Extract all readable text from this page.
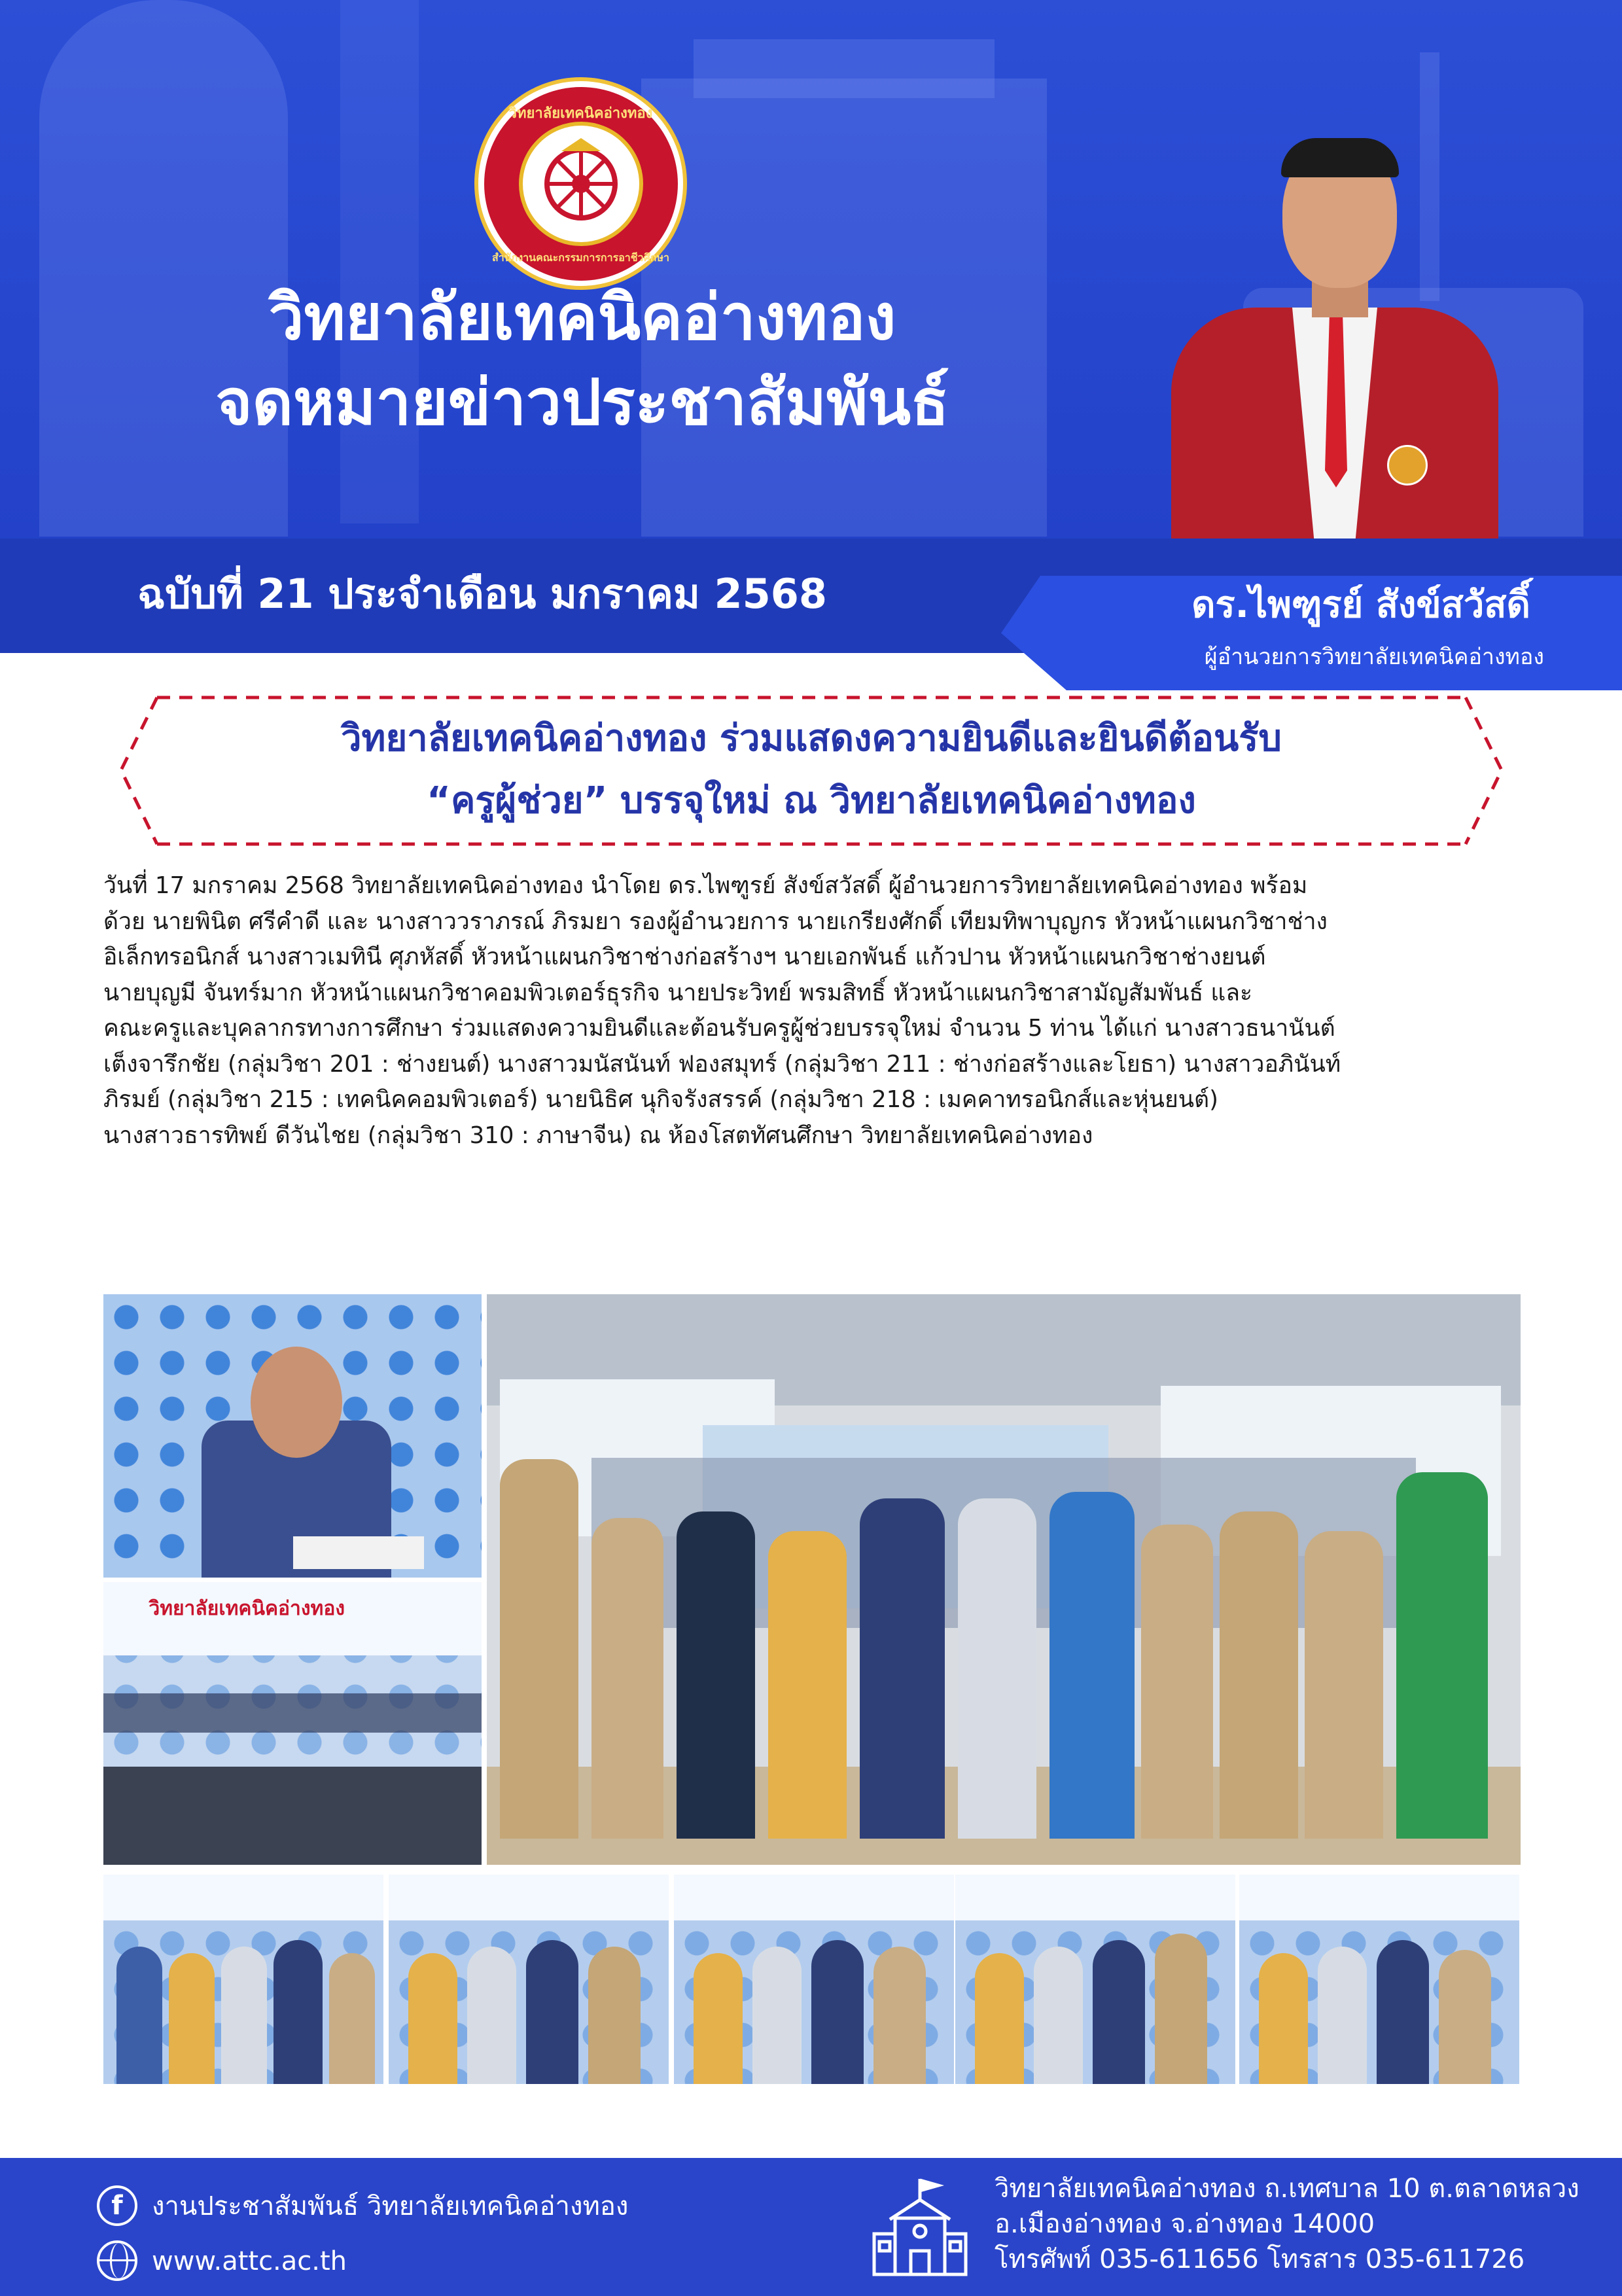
วิทยาลัยเทคนิคอ่างทอง
สำนักงานคณะกรรมการการอาชีวศึกษา
วิทยาลัยเทคนิคอ่างทอง
จดหมายข่าวประชาสัมพันธ์
ฉบับที่ 21 ประจำเดือน มกราคม 2568	ดร.ไพฑูรย์ สังข์สวัสดิ์
ผู้อำนวยการวิทยาลัยเทคนิคอ่างทอง
วิทยาลัยเทคนิคอ่างทอง ร่วมแสดงความยินดีและยินดีต้อนรับ
“ครูผู้ช่วย” บรรจุใหม่ ณ วิทยาลัยเทคนิคอ่างทอง
วันที่ 17 มกราคม 2568 วิทยาลัยเทคนิคอ่างทอง นำโดย ดร.ไพฑูรย์ สังข์สวัสดิ์ ผู้อำนวยการวิทยาลัยเทคนิคอ่างทอง พร้อม
ด้วย นายพินิต ศรีคำดี และ นางสาววราภรณ์ ภิรมยา รองผู้อำนวยการ นายเกรียงศักดิ์ เทียมทิพาบุญกร หัวหน้าแผนกวิชาช่าง
อิเล็กทรอนิกส์ นางสาวเมทินี ศุภหัสดิ์ หัวหน้าแผนกวิชาช่างก่อสร้างฯ นายเอกพันธ์ แก้วปาน หัวหน้าแผนกวิชาช่างยนต์
นายบุญมี จันทร์มาก หัวหน้าแผนกวิชาคอมพิวเตอร์ธุรกิจ นายประวิทย์ พรมสิทธิ์ หัวหน้าแผนกวิชาสามัญสัมพันธ์ และ
คณะครูและบุคลากรทางการศึกษา ร่วมแสดงความยินดีและต้อนรับครูผู้ช่วยบรรจุใหม่ จำนวน 5 ท่าน ได้แก่ นางสาวธนานันต์
เต็งจารึกชัย (กลุ่มวิชา 201 : ช่างยนต์) นางสาวมนัสนันท์ ฟองสมุทร์ (กลุ่มวิชา 211 : ช่างก่อสร้างและโยธา) นางสาวอภินันท์
ภิรมย์ (กลุ่มวิชา 215 : เทคนิคคอมพิวเตอร์) นายนิธิศ นุกิจรังสรรค์ (กลุ่มวิชา 218 : เมคคาทรอนิกส์และหุ่นยนต์)
นางสาวธารทิพย์ ดีวันไชย (กลุ่มวิชา 310 : ภาษาจีน) ณ ห้องโสตทัศนศึกษา วิทยาลัยเทคนิคอ่างทอง
วิทยาลัยเทคนิคอ่างทอง
f	งานประชาสัมพันธ์ วิทยาลัยเทคนิคอ่างทอง
www.attc.ac.th
วิทยาลัยเทคนิคอ่างทอง ถ.เทศบาล 10 ต.ตลาดหลวง
อ.เมืองอ่างทอง จ.อ่างทอง 14000
โทรศัพท์ 035-611656 โทรสาร 035-611726
